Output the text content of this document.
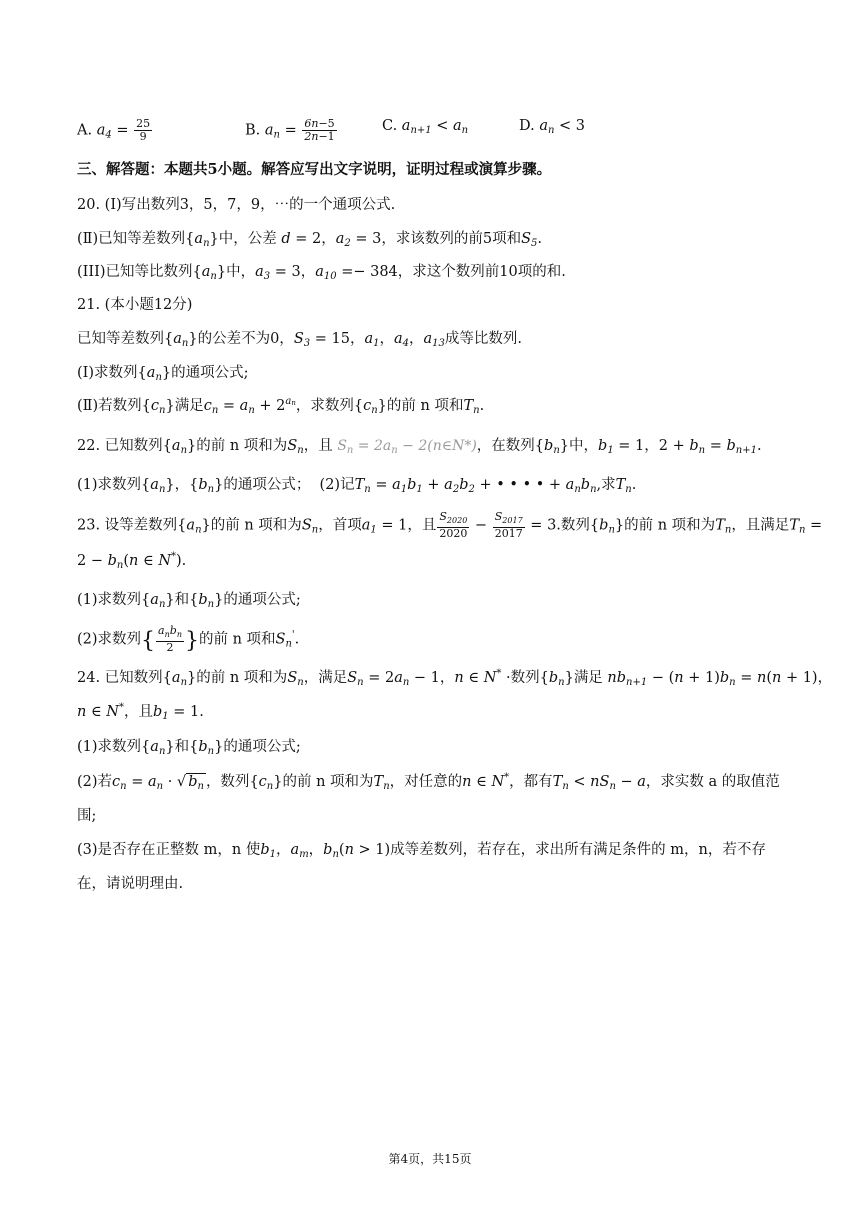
A. $a_4 = \frac{25}{9}$	B. $a_n = \frac{6n-5}{2n-1}$	C. $a_{n+1} < a_n$	D. $a_n < 3$
三、解答题：本题共5小题。解答应写出文字说明，证明过程或演算步骤。
20. (Ⅰ)写出数列3，5，7，9，⋯的一个通项公式.
(Ⅱ)已知等差数列$\{a_n\}$中，公差 d = 2，$a_2 = 3$，求该数列的前5项和$S_5$.
(III)已知等比数列$\{a_n\}$中，$a_3 = 3$，$a_{10} =- 384$，求这个数列前10项的和.
21. (本小题12分)
已知等差数列$\{a_n\}$的公差不为0，$S_3 = 15$，$a_1$，$a_4$，$a_{13}$成等比数列.
(Ⅰ)求数列$\{a_n\}$的通项公式;
(Ⅱ)若数列$\{c_n\}$满足$c_n = a_n + 2^{a_n}$，求数列$\{c_n\}$的前 n 项和$T_n$.
22. 已知数列$\{a_n\}$的前 n 项和为$S_n$，且 $S_n = 2a_n$ − 2(n∈N*)，在数列$\{b_n\}$中，$b_1 = 1$，$2 + b_n = b_{n+1}$.
(1)求数列$\{a_n\}$，$\{b_n\}$的通项公式； (2)记$T_n = a_1b_1 + a_2b_2$ + • • • • + $a_nb_n$,求$T_n$.
23. 设等差数列$\{a_n\}$的前 n 项和为$S_n$，首项$a_1 = 1$，且 $\frac{S_{2020}}{2020} - \frac{S_{2017}}{2017} = 3$.数列$\{b_n\}$的前 n 项和为$T_n$，且满足$T_n$ =
$2 - b_n(n$ ∈ N*).
(1)求数列$\{a_n\}$和$\{b_n\}$的通项公式;
(2)求数列{ $\frac{a_nb_n}{2}$ }的前 n 项和$S_n'$.
24. 已知数列$\{a_n\}$的前 n 项和为$S_n$，满足$S_n = 2a_n - 1$，n ∈ N* ·数列$\{b_n\}$满足 $nb_{n+1} - (n + 1)b_n = n(n + 1)$，
n ∈ N*，且$b_1 = 1$.
(1)求数列$\{a_n\}$和$\{b_n\}$的通项公式;
(2)若$c_n = a_n$ · √ $b_n$ ，数列$\{c_n\}$的前 n 项和为$T_n$，对任意的n ∈ N*，都有$T_n < nS_n - a$，求实数 a 的取值范
围;
(3)是否存在正整数 m，n 使$b_1$，$a_m$，$b_n(n > 1)$成等差数列，若存在，求出所有满足条件的 m，n，若不存
在，请说明理由.
第4页，共15页
